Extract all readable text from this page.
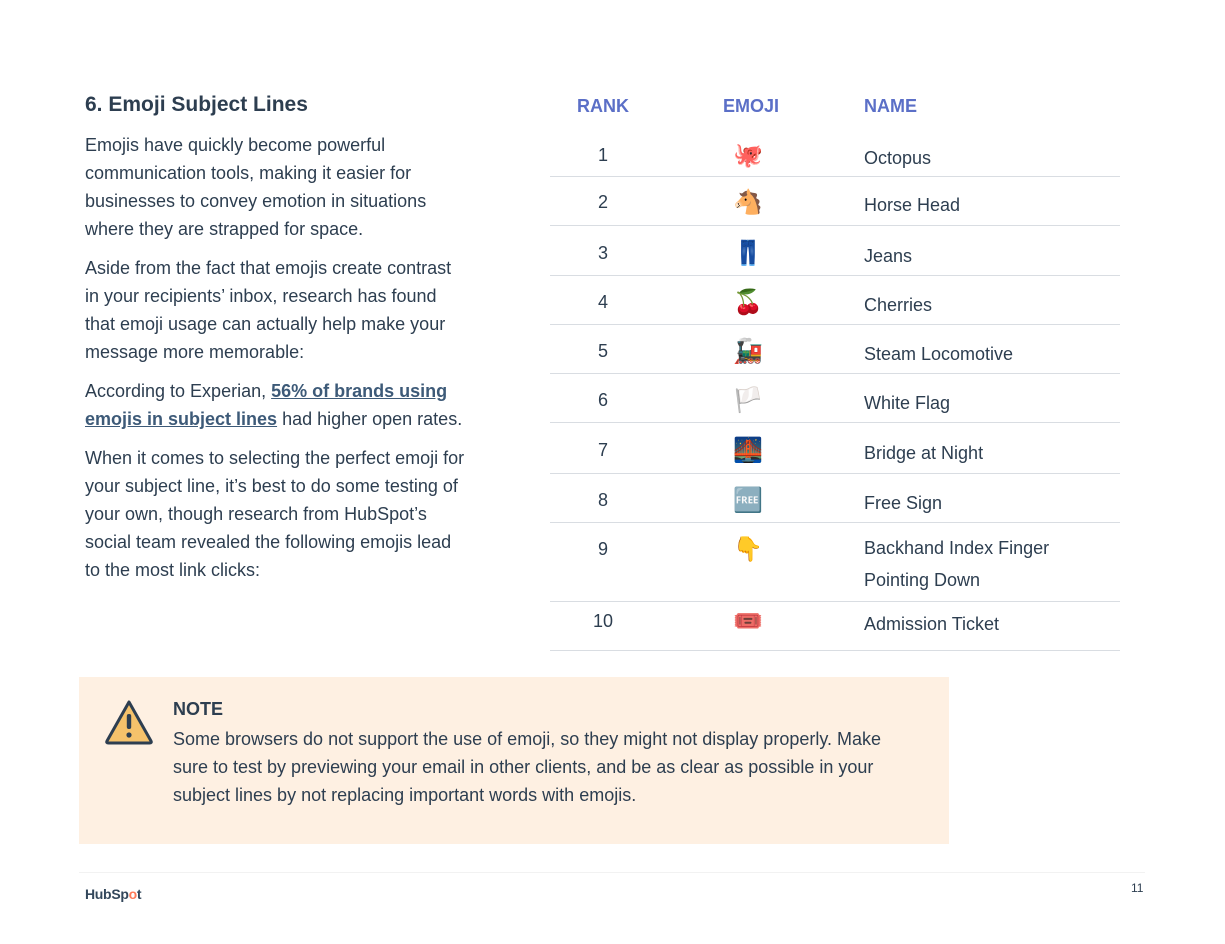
6. Emoji Subject Lines

Emojis have quickly become powerful communication tools, making it easier for businesses to convey emotion in situations where they are strapped for space.

Aside from the fact that emojis create contrast in your recipients’ inbox, research has found that emoji usage can actually help make your message more memorable:

According to Experian, 56% of brands using emojis in subject lines had higher open rates.

When it comes to selecting the perfect emoji for your subject line, it’s best to do some testing of your own, though research from HubSpot’s social team revealed the following emojis lead to the most link clicks:

RANK	EMOJI	NAME
1	🐙	Octopus
2	🐴	Horse Head
3	👖	Jeans
4	🍒	Cherries
5	🚂	Steam Locomotive
6	🏳️	White Flag
7	🌉	Bridge at Night
8	🆓	Free Sign
9	👇	Backhand Index Finger Pointing Down
10	🎟️	Admission Ticket
NOTE
Some browsers do not support the use of emoji, so they might not display properly. Make sure to test by previewing your email in other clients, and be as clear as possible in your subject lines by not replacing important words with emojis.
HubSpot	11
